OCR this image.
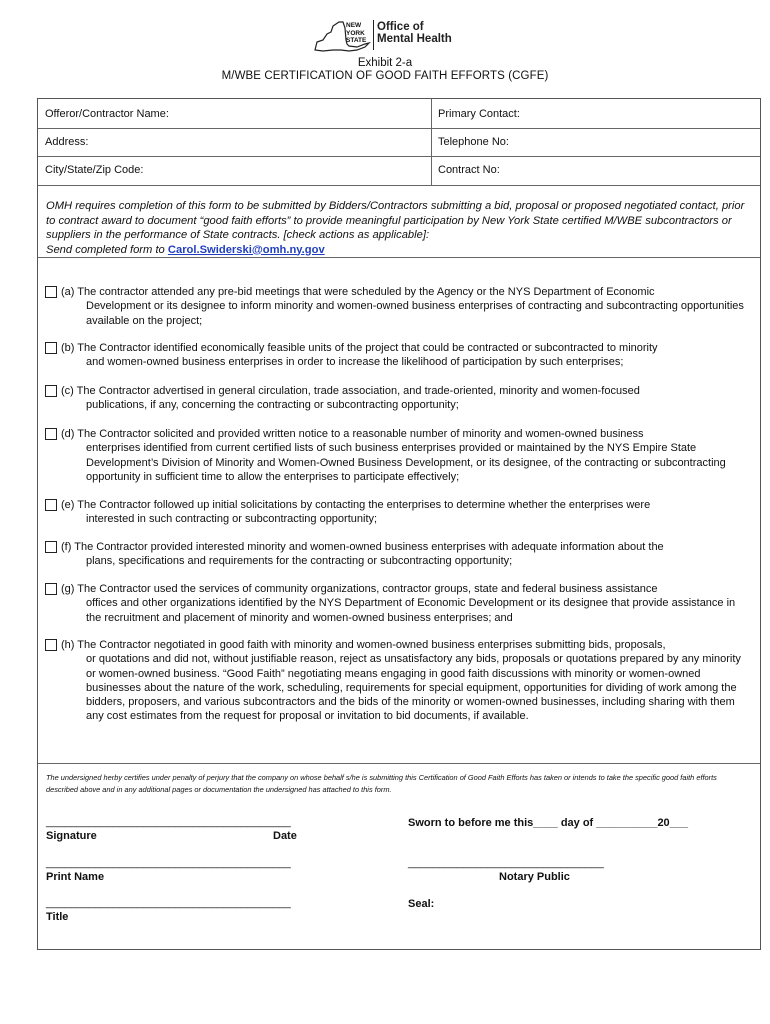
NEW
YORK
STATE
Office of
Mental Health
Exhibit 2-a
M/WBE CERTIFICATION OF GOOD FAITH EFFORTS (CGFE)
Offeror/Contractor Name:	Primary Contact:
Address:	Telephone No:
City/State/Zip Code:	Contract No:
OMH requires completion of this form to be submitted by Bidders/Contractors submitting a bid, proposal or proposed negotiated contact, prior to contract award to document “good faith efforts” to provide meaningful participation by New York State certified M/WBE subcontractors or suppliers in the performance of State contracts. [check actions as applicable]:
Send completed form to Carol.Swiderski@omh.ny.gov
(a) The contractor attended any pre-bid meetings that were scheduled by the Agency or the NYS Department of Economic
Development or its designee to inform minority and women-owned business enterprises of contracting and subcontracting opportunities available on the project;
(b) The Contractor identified economically feasible units of the project that could be contracted or subcontracted to minority
and women-owned business enterprises in order to increase the likelihood of participation by such enterprises;
(c) The Contractor advertised in general circulation, trade association, and trade-oriented, minority and women-focused
publications, if any, concerning the contracting or subcontracting opportunity;
(d) The Contractor solicited and provided written notice to a reasonable number of minority and women-owned business
enterprises identified from current certified lists of such business enterprises provided or maintained by the NYS Empire State Development’s Division of Minority and Women-Owned Business Development, or its designee, of the contracting or subcontracting opportunity in sufficient time to allow the enterprises to participate effectively;
(e) The Contractor followed up initial solicitations by contacting the enterprises to determine whether the enterprises were
interested in such contracting or subcontracting opportunity;
(f) The Contractor provided interested minority and women-owned business enterprises with adequate information about the
plans, specifications and requirements for the contracting or subcontracting opportunity;
(g) The Contractor used the services of community organizations, contractor groups, state and federal business assistance
offices and other organizations identified by the NYS Department of Economic Development or its designee that provide assistance in the recruitment and placement of minority and women-owned business enterprises; and
(h) The Contractor negotiated in good faith with minority and women-owned business enterprises submitting bids, proposals,
or quotations and did not, without justifiable reason, reject as unsatisfactory any bids, proposals or quotations prepared by any minority or women-owned business. “Good Faith” negotiating means engaging in good faith discussions with minority or women-owned businesses about the nature of the work, scheduling, requirements for special equipment, opportunities for dividing of work among the bidders, proposers, and various subcontractors and the bids of the minority or women-owned businesses, including sharing with them any cost estimates from the request for proposal or invitation to bid documents, if available.
The undersigned herby certifies under penalty of perjury that the company on whose behalf s/he is submitting this Certification of Good Faith Efforts has taken or intends to take the specific good faith efforts described above and in any additional pages or documentation the undersigned has attached to this form.
________________________________________
Signature	Date
Sworn to before me this____ day of __________20___
________________________________________
Print Name
________________________________
Notary Public
________________________________________
Title
Seal:
